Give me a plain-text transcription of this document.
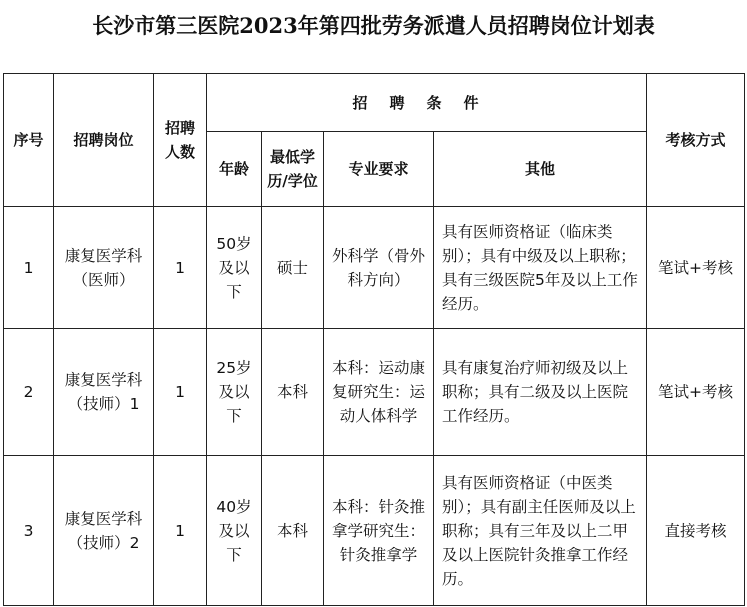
长沙市第三医院2023年第四批劳务派遣人员招聘岗位计划表
序号	招聘岗位	招聘人数	招聘条件				考核方式
			年龄	最低学历/学位	专业要求	其他	
1	康复医学科（医师）	1	50岁及以下	硕士	外科学（骨外科方向）	具有医师资格证（临床类别）；具有中级及以上职称；具有三级医院5年及以上工作经历。	笔试+考核
2	康复医学科（技师）1	1	25岁及以下	本科	本科：运动康复研究生：运动人体科学	具有康复治疗师初级及以上职称；具有二级及以上医院工作经历。	笔试+考核
3	康复医学科（技师）2	1	40岁及以下	本科	本科：针灸推拿学研究生：针灸推拿学	具有医师资格证（中医类别）；具有副主任医师及以上职称；具有三年及以上二甲及以上医院针灸推拿工作经历。	直接考核
